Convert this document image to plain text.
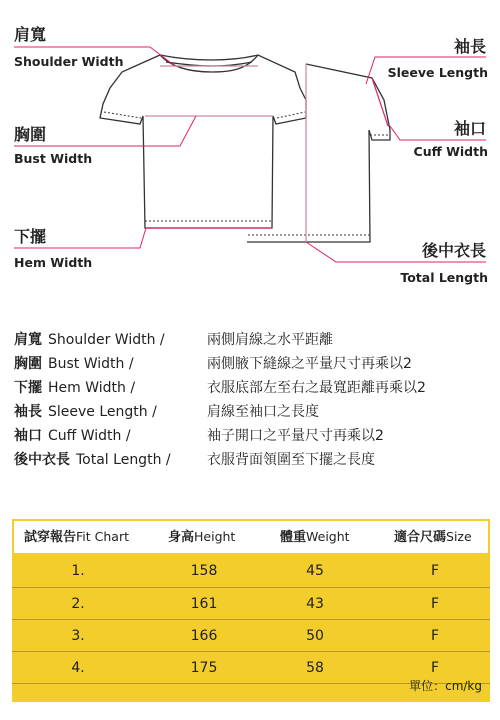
肩寬
Shoulder Width
胸圍
Bust Width
下擺
Hem Width
袖長
Sleeve Length
袖口
Cuff Width
後中衣長
Total Length
肩寬 Shoulder Width /	兩側肩線之水平距離
胸圍 Bust Width /	兩側腋下縫線之平量尺寸再乘以2
下擺 Hem Width /	衣服底部左至右之最寬距離再乘以2
袖長 Sleeve Length /	肩線至袖口之長度
袖口 Cuff Width /	袖子開口之平量尺寸再乘以2
後中衣長 Total Length /	衣服背面領圍至下擺之長度
試穿報告Fit Chart	身高Height	體重Weight	適合尺碼Size
1.	158	45	F
2.	161	43	F
3.	166	50	F
4.	175	58	F
單位：cm/kg
